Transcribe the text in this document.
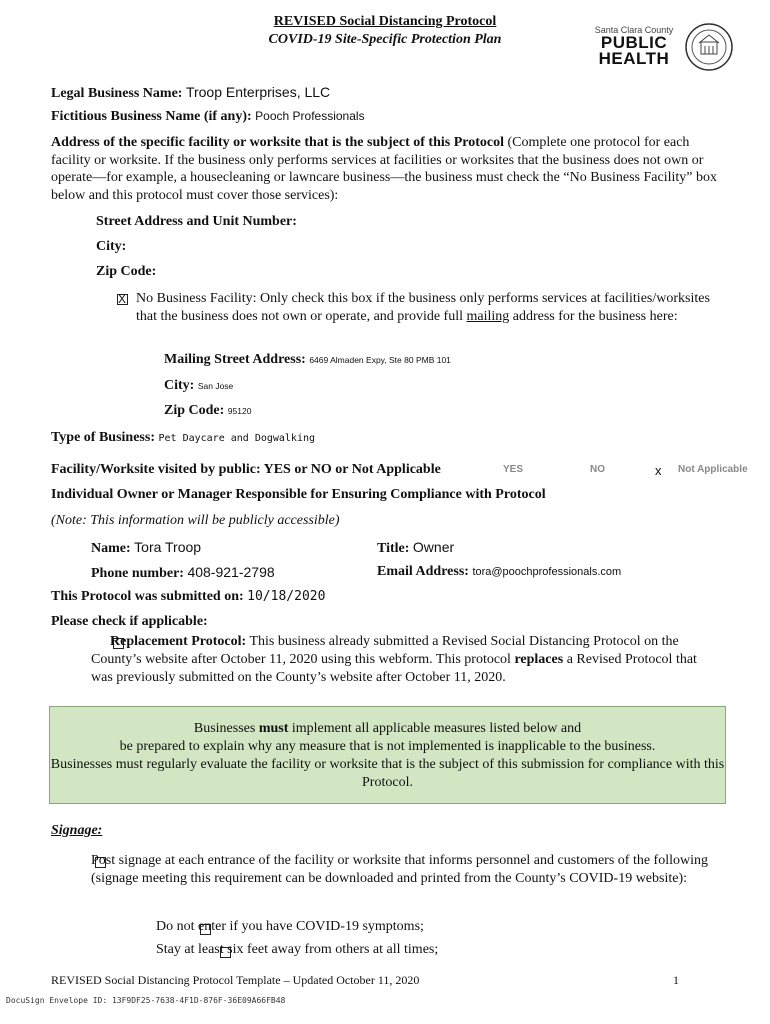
REVISED Social Distancing Protocol
COVID-19 Site-Specific Protection Plan
Santa Clara County
PUBLIC
HEALTH
Legal Business Name: Troop Enterprises, LLC
Fictitious Business Name (if any): Pooch Professionals
Address of the specific facility or worksite that is the subject of this Protocol (Complete one protocol for each facility or worksite. If the business only performs services at facilities or worksites that the business does not own or operate—for example, a housecleaning or lawncare business—the business must check the “No Business Facility” box below and this protocol must cover those services):
Street Address and Unit Number:
City:
Zip Code:
X
No Business Facility: Only check this box if the business only performs services at facilities/worksites that the business does not own or operate, and provide full mailing address for the business here:
Mailing Street Address: 6469 Almaden Expy, Ste 80 PMB 101
City: San Jose
Zip Code: 95120
Type of Business: Pet Daycare and Dogwalking
Facility/Worksite visited by public: YES or NO or Not Applicable	YES	NO	x Not Applicable
Individual Owner or Manager Responsible for Ensuring Compliance with Protocol
(Note: This information will be publicly accessible)
Name: Tora Troop	Title: Owner
Phone number: 408-921-2798	Email Address: tora@poochprofessionals.com
This Protocol was submitted on: 10/18/2020
Please check if applicable:

Replacement Protocol: This business already submitted a Revised Social Distancing Protocol on the County’s website after October 11, 2020 using this webform. This protocol replaces a Revised Protocol that was previously submitted on the County’s website after October 11, 2020.
Businesses must implement all applicable measures listed below and
be prepared to explain why any measure that is not implemented is inapplicable to the business.
Businesses must regularly evaluate the facility or worksite that is the subject of this submission for compliance with this Protocol.
Signage:

Post signage at each entrance of the facility or worksite that informs personnel and customers of the following (signage meeting this requirement can be downloaded and printed from the County’s COVID-19 website):

Do not enter if you have COVID-19 symptoms;
Stay at least six feet away from others at all times;
REVISED Social Distancing Protocol Template – Updated October 11, 2020	1
DocuSign Envelope ID: 13F9DF25-7638-4F1D-876F-36E09A66FB48
